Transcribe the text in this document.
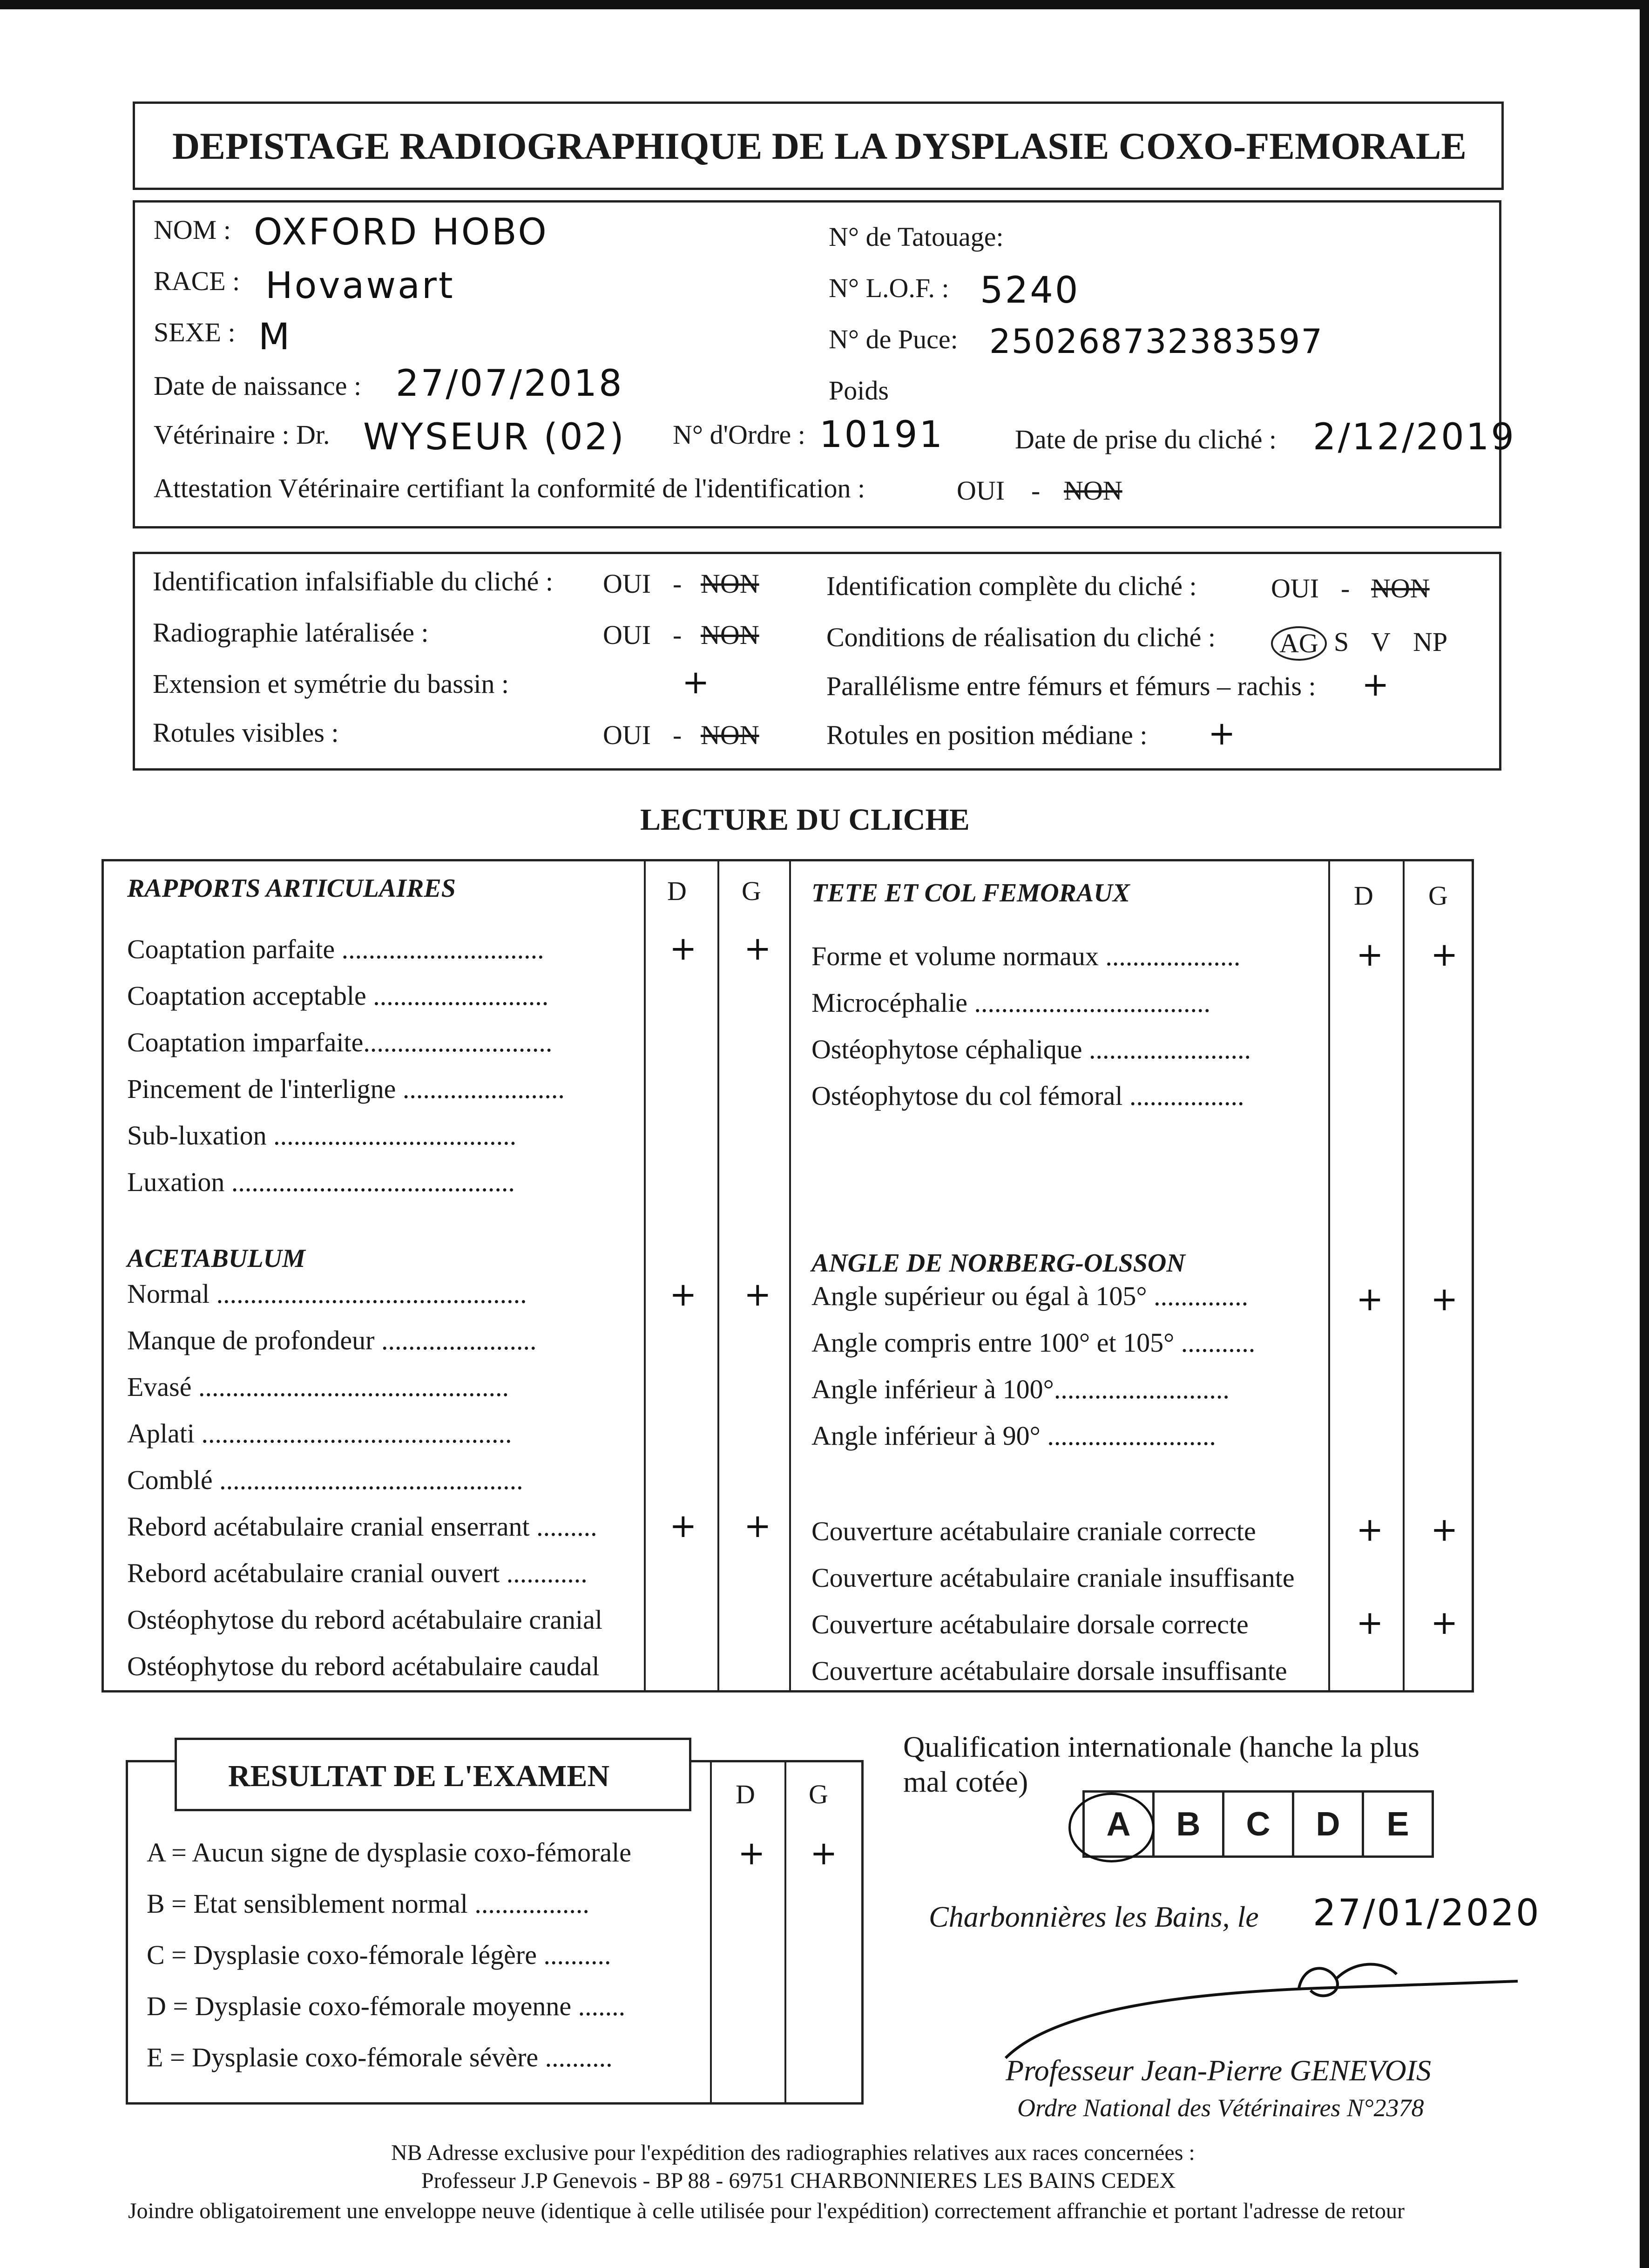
DEPISTAGE RADIOGRAPHIQUE DE LA DYSPLASIE COXO-FEMORALE
NOM : OXFORD HOBO
RACE : Hovawart
SEXE : M
Date de naissance : 27/07/2018
Vétérinaire : Dr. WYSEUR (02) N° d'Ordre : 10191	Date de prise du cliché : 2/12/2019
Attestation Vétérinaire certifiant la conformité de l'identification :	OUI - NON
N° de Tatouage:
N° L.O.F. : 5240
N° de Puce: 250268732383597
Poids
Identification infalsifiable du cliché : OUI - NON
Radiographie latéralisée :	OUI - NON
Extension et symétrie du bassin :	+
Rotules visibles :	OUI - NON
Identification complète du cliché :	OUI - NON
Conditions de réalisation du cliché :	AG S V NP
Parallélisme entre fémurs et fémurs – rachis : +
Rotules en position médiane : +
LECTURE DU CLICHE
RAPPORTS ARTICULAIRES	D G TETE ET COL FEMORAUX	D G
Coaptation parfaite ..............................	+ +
Coaptation acceptable ..........................
Coaptation imparfaite............................
Pincement de l'interligne ........................
Sub-luxation ....................................
Luxation ..........................................
ACETABULUM
Normal ..............................................	+ +
Manque de profondeur .......................
Evasé ..............................................
Aplati ..............................................
Comblé .............................................
Rebord acétabulaire cranial enserrant ......... + +
Rebord acétabulaire cranial ouvert ............
Ostéophytose du rebord acétabulaire cranial
Ostéophytose du rebord acétabulaire caudal
Forme et volume normaux ....................	+ +
Microcéphalie ...................................
Ostéophytose céphalique ........................
Ostéophytose du col fémoral .................
ANGLE DE NORBERG-OLSSON
Angle supérieur ou égal à 105° ..............	+ +
Angle compris entre 100° et 105° ...........
Angle inférieur à 100°..........................
Angle inférieur à 90° .........................
Couverture acétabulaire craniale correcte	+ +
Couverture acétabulaire craniale insuffisante
Couverture acétabulaire dorsale correcte	+ +
Couverture acétabulaire dorsale insuffisante
D G
A = Aucun signe de dysplasie coxo-fémorale	+ +
B = Etat sensiblement normal .................
C = Dysplasie coxo-fémorale légère ..........
D = Dysplasie coxo-fémorale moyenne .......
E = Dysplasie coxo-fémorale sévère ..........
RESULTAT DE L'EXAMEN
Qualification internationale (hanche la plus
mal cotée)
A	B	C	D	E
Charbonnières les Bains, le 27/01/2020
Professeur Jean-Pierre GENEVOIS
Ordre National des Vétérinaires N°2378
NB Adresse exclusive pour l'expédition des radiographies relatives aux races concernées :
Professeur J.P Genevois - BP 88 - 69751 CHARBONNIERES LES BAINS CEDEX
Joindre obligatoirement une enveloppe neuve (identique à celle utilisée pour l'expédition) correctement affranchie et portant l'adresse de retour
